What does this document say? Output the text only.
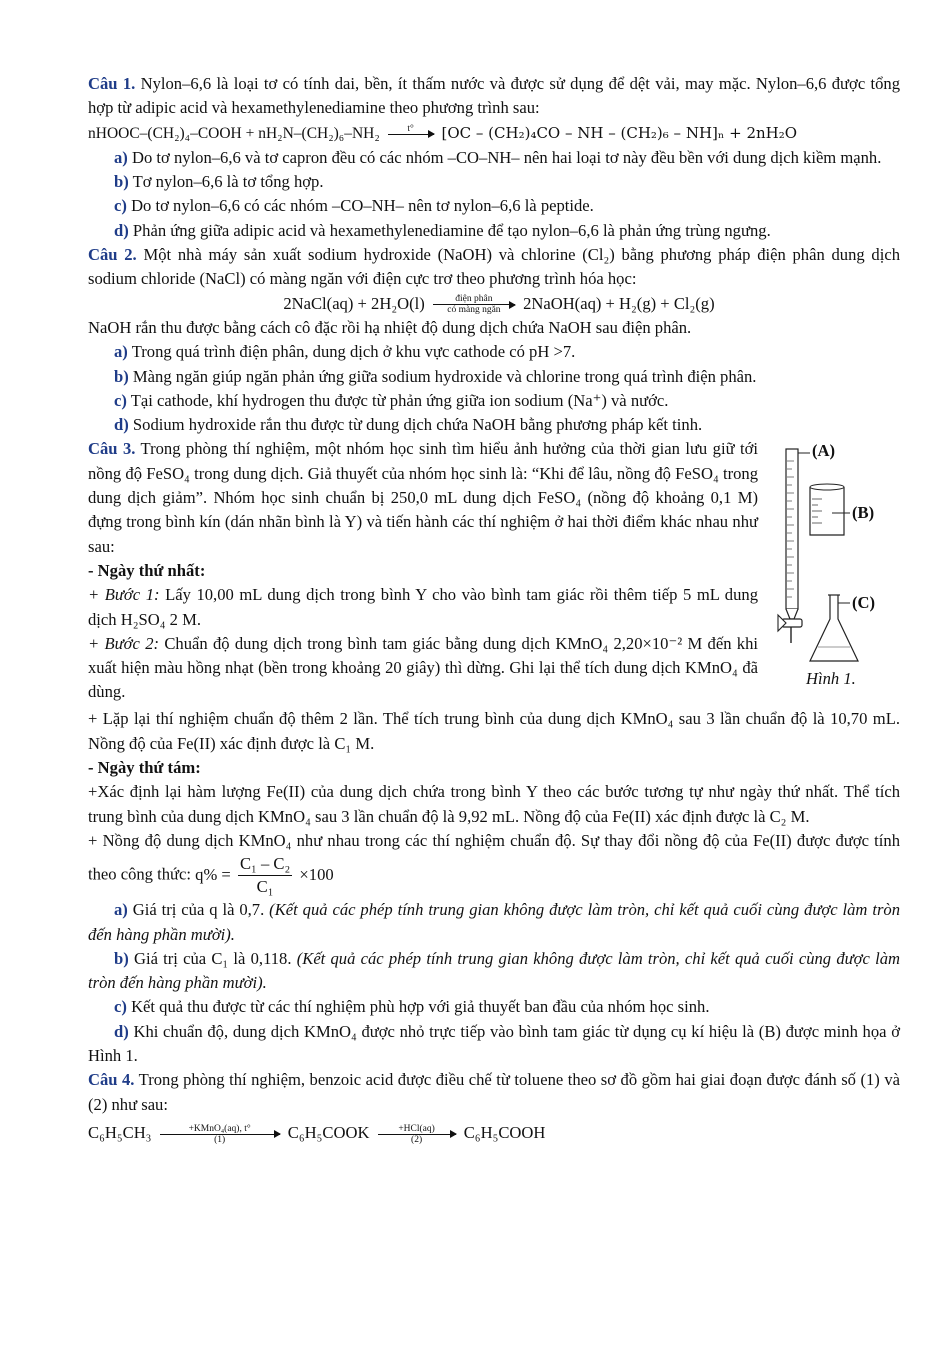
Câu 1. Nylon–6,6 là loại tơ có tính dai, bền, ít thấm nước và được sử dụng để dệt vải, may mặc. Nylon–6,6 được tổng hợp từ adipic acid và hexamethylenediamine theo phương trình sau:

nHOOC–(CH₂)₄–COOH + nH₂N–(CH₂)₆–NH₂	t°
	[OC – (CH₂)₄CO – NH – (CH₂)₆ – NH]ₙ + 2nH₂O

a) Do tơ nylon–6,6 và tơ capron đều có các nhóm –CO–NH– nên hai loại tơ này đều bền với dung dịch kiềm mạnh.

b) Tơ nylon–6,6 là tơ tổng hợp.

c) Do tơ nylon–6,6 có các nhóm –CO–NH– nên tơ nylon–6,6 là peptide.

d) Phản ứng giữa adipic acid và hexamethylenediamine để tạo nylon–6,6 là phản ứng trùng ngưng.

Câu 2. Một nhà máy sản xuất sodium hydroxide (NaOH) và chlorine (Cl₂) bằng phương pháp điện phân dung dịch sodium chloride (NaCl) có màng ngăn với điện cực trơ theo phương trình hóa học:

2NaCl(aq) + 2H₂O(l)	điện phân
có màng ngăn	2NaOH(aq) + H₂(g) + Cl₂(g)

NaOH rắn thu được bằng cách cô đặc rồi hạ nhiệt độ dung dịch chứa NaOH sau điện phân.

a) Trong quá trình điện phân, dung dịch ở khu vực cathode có pH >7.

b) Màng ngăn giúp ngăn phản ứng giữa sodium hydroxide và chlorine trong quá trình điện phân.

c) Tại cathode, khí hydrogen thu được từ phản ứng giữa ion sodium (Na⁺) và nước.

d) Sodium hydroxide rắn thu được từ dung dịch chứa NaOH bằng phương pháp kết tinh.

(A)
(B)
(C)
Hình 1.

Câu 3. Trong phòng thí nghiệm, một nhóm học sinh tìm hiểu ảnh hưởng của thời gian lưu giữ tới nồng độ FeSO₄ trong dung dịch. Giả thuyết của nhóm học sinh là: “Khi để lâu, nồng độ FeSO₄ trong dung dịch giảm”. Nhóm học sinh chuẩn bị 250,0 mL dung dịch FeSO₄ (nồng độ khoảng 0,1 M) đựng trong bình kín (dán nhãn bình là Y) và tiến hành các thí nghiệm ở hai thời điểm khác nhau như sau:

- Ngày thứ nhất:

+ Bước 1: Lấy 10,00 mL dung dịch trong bình Y cho vào bình tam giác rồi thêm tiếp 5 mL dung dịch H₂SO₄ 2 M.

+ Bước 2: Chuẩn độ dung dịch trong bình tam giác bằng dung dịch KMnO₄ 2,20×10⁻² M đến khi xuất hiện màu hồng nhạt (bền trong khoảng 20 giây) thì dừng. Ghi lại thể tích dung dịch KMnO₄ đã dùng.

+ Lặp lại thí nghiệm chuẩn độ thêm 2 lần. Thể tích trung bình của dung dịch KMnO₄ sau 3 lần chuẩn độ là 10,70 mL. Nồng độ của Fe(II) xác định được là C₁ M.

- Ngày thứ tám:

+Xác định lại hàm lượng Fe(II) của dung dịch chứa trong bình Y theo các bước tương tự như ngày thứ nhất. Thể tích trung bình của dung dịch KMnO₄ sau 3 lần chuẩn độ là 9,92 mL. Nồng độ của Fe(II) xác định được là C₂ M.

+ Nồng độ dung dịch KMnO₄ như nhau trong các thí nghiệm chuẩn độ. Sự thay đổi nồng độ của Fe(II) được được tính theo công thức: $q\% = \frac{\text{C₁ – C₂}}{\text{C₁}} \times 100$

a) Giá trị của q là 0,7. (Kết quả các phép tính trung gian không được làm tròn, chỉ kết quả cuối cùng được làm tròn đến hàng phần mười).

b) Giá trị của C₁ là 0,118. (Kết quả các phép tính trung gian không được làm tròn, chỉ kết quả cuối cùng được làm tròn đến hàng phần mười).

c) Kết quả thu được từ các thí nghiệm phù hợp với giả thuyết ban đầu của nhóm học sinh.

d) Khi chuẩn độ, dung dịch KMnO₄ được nhỏ trực tiếp vào bình tam giác từ dụng cụ kí hiệu là (B) được minh họa ở Hình 1.

Câu 4. Trong phòng thí nghiệm, benzoic acid được điều chế từ toluene theo sơ đồ gồm hai giai đoạn được đánh số (1) và (2) như sau:

C₆H₅CH₃	+KMnO₄(aq), t°
(1)	C₆H₅COOK	+HCl(aq)
(2)	C₆H₅COOH
